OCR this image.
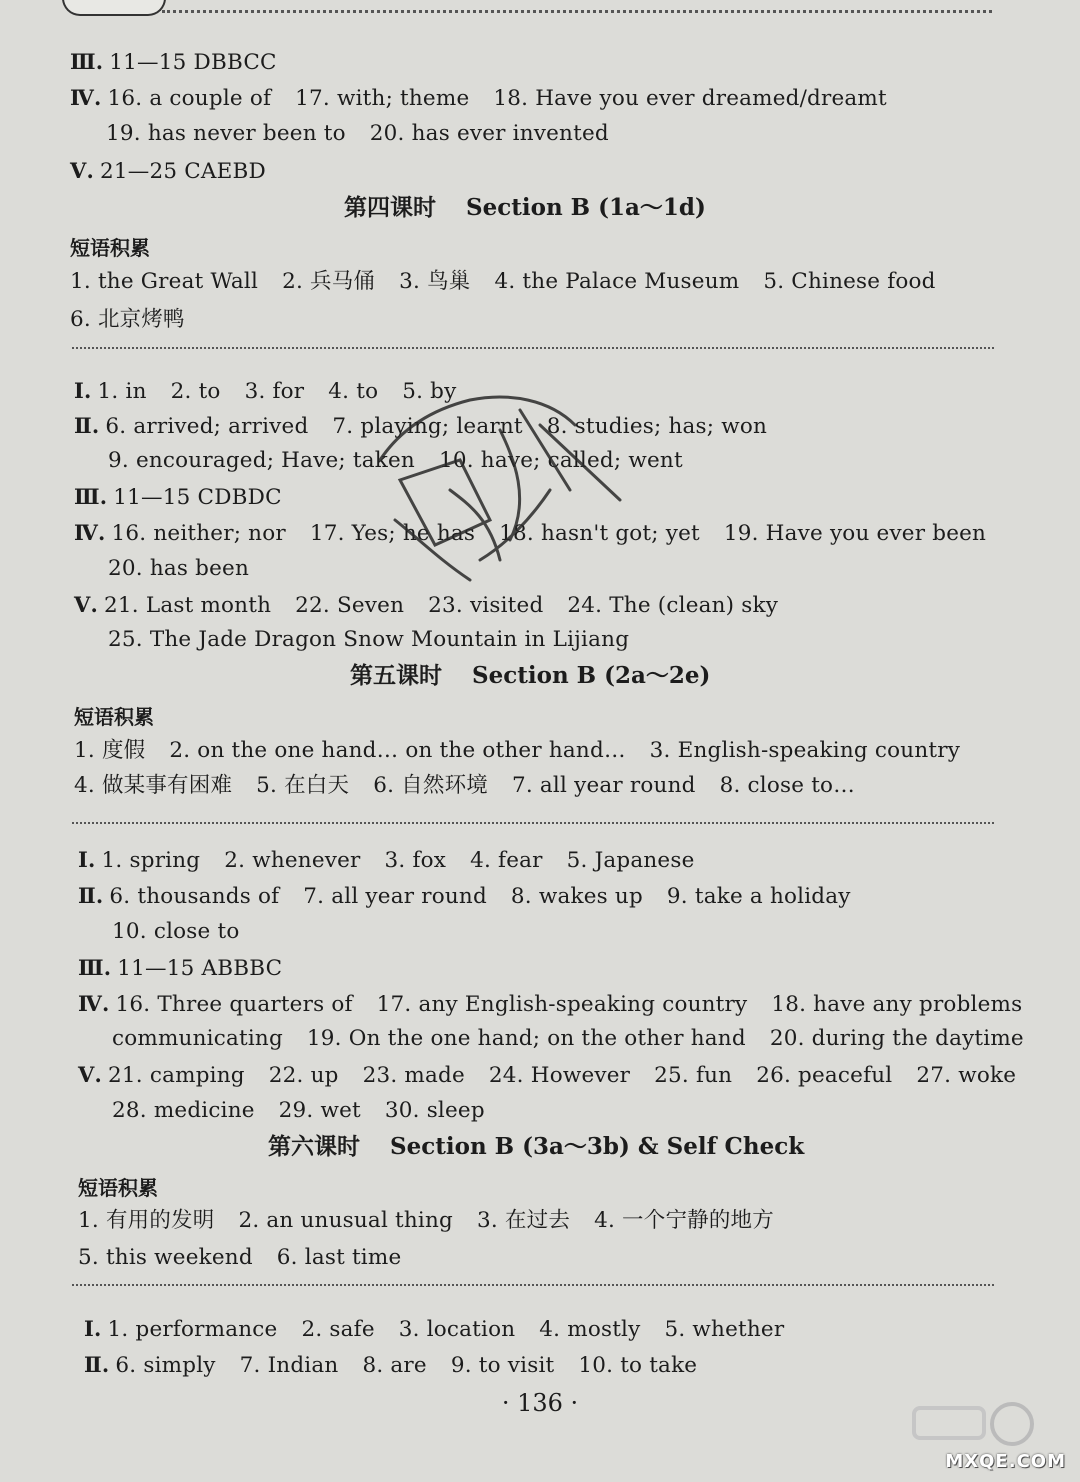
Ⅲ. 11—15 DBBCC
Ⅳ. 16. a couple of 17. with; theme 18. Have you ever dreamed/dreamt
19. has never been to 20. has ever invented
Ⅴ. 21—25 CAEBD
第四课时 Section B (1a～1d)
短语积累
1. the Great Wall 2. 兵马俑 3. 鸟巢 4. the Palace Museum 5. Chinese food
6. 北京烤鸭
Ⅰ. 1. in 2. to 3. for 4. to 5. by
Ⅱ. 6. arrived; arrived 7. playing; learnt 8. studies; has; won
9. encouraged; Have; taken 10. have; called; went
Ⅲ. 11—15 CDBDC
Ⅳ. 16. neither; nor 17. Yes; he has 18. hasn't got; yet 19. Have you ever been
20. has been
Ⅴ. 21. Last month 22. Seven 23. visited 24. The (clean) sky
25. The Jade Dragon Snow Mountain in Lijiang
第五课时 Section B (2a～2e)
短语积累
1. 度假 2. on the one hand… on the other hand… 3. English-speaking country
4. 做某事有困难 5. 在白天 6. 自然环境 7. all year round 8. close to…
Ⅰ. 1. spring 2. whenever 3. fox 4. fear 5. Japanese
Ⅱ. 6. thousands of 7. all year round 8. wakes up 9. take a holiday
10. close to
Ⅲ. 11—15 ABBBC
Ⅳ. 16. Three quarters of 17. any English-speaking country 18. have any problems
communicating 19. On the one hand; on the other hand 20. during the daytime
Ⅴ. 21. camping 22. up 23. made 24. However 25. fun 26. peaceful 27. woke
28. medicine 29. wet 30. sleep
第六课时 Section B (3a～3b) & Self Check
短语积累
1. 有用的发明 2. an unusual thing 3. 在过去 4. 一个宁静的地方
5. this weekend 6. last time
Ⅰ. 1. performance 2. safe 3. location 4. mostly 5. whether
Ⅱ. 6. simply 7. Indian 8. are 9. to visit 10. to take
· 136 ·
MXQE.COM
